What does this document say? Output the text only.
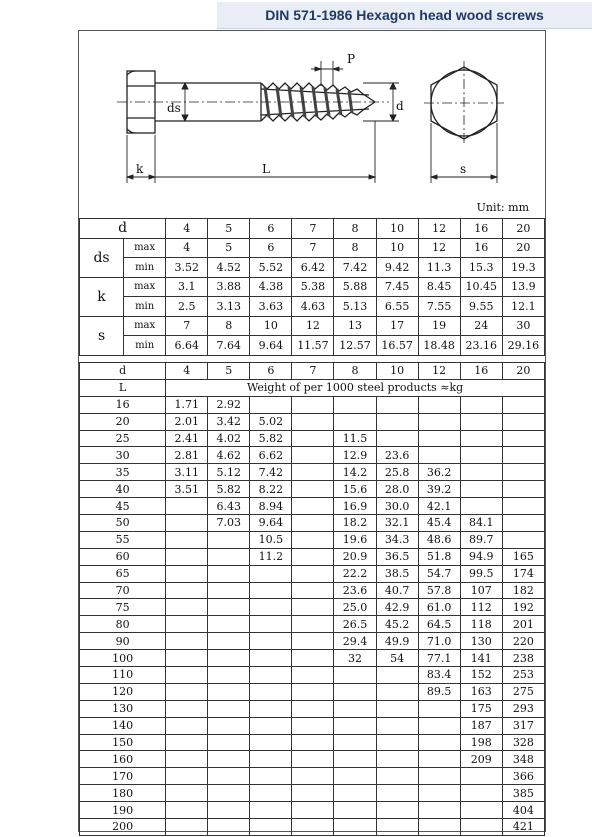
DIN 571-1986 Hexagon head wood screws
ds
P
d
k	L	s
Unit: mm
d		4	5	6	7	8	10	12	16	20
ds	max	4	5	6	7	8	10	12	16	20
	min	3.52	4.52	5.52	6.42	7.42	9.42	11.3	15.3	19.3
k	max	3.1	3.88	4.38	5.38	5.88	7.45	8.45	10.45	13.9
	min	2.5	3.13	3.63	4.63	5.13	6.55	7.55	9.55	12.1
s	max	7	8	10	12	13	17	19	24	30
	min	6.64	7.64	9.64	11.57	12.57	16.57	18.48	23.16	29.16
d	4	5	6	7	8	10	12	16	20
L	Weight of per 1000 steel products ≈kg								
16	1.71	2.92							
20	2.01	3.42	5.02						
25	2.41	4.02	5.82		11.5				
30	2.81	4.62	6.62		12.9	23.6			
35	3.11	5.12	7.42		14.2	25.8	36.2		
40	3.51	5.82	8.22		15.6	28.0	39.2		
45		6.43	8.94		16.9	30.0	42.1		
50		7.03	9.64		18.2	32.1	45.4	84.1	
55			10.5		19.6	34.3	48.6	89.7	
60			11.2		20.9	36.5	51.8	94.9	165
65					22.2	38.5	54.7	99.5	174
70					23.6	40.7	57.8	107	182
75					25.0	42.9	61.0	112	192
80					26.5	45.2	64.5	118	201
90					29.4	49.9	71.0	130	220
100					32	54	77.1	141	238
110							83.4	152	253
120							89.5	163	275
130								175	293
140								187	317
150								198	328
160								209	348
170									366
180									385
190									404
200									421
